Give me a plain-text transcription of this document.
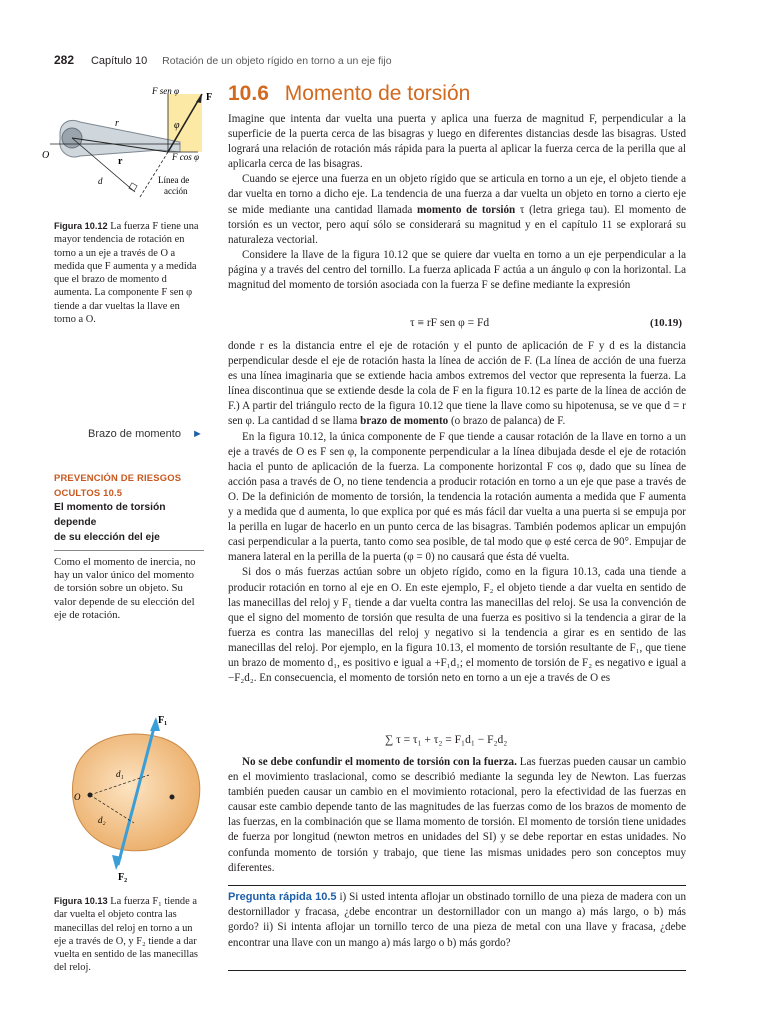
282 Capítulo 10 Rotación de un objeto rígido en torno a un eje fijo
10.6 Momento de torsión
F sen φ
F
r	φ
O	F cos φ
r
d	Línea de
acción
Figura 10.12 La fuerza F tiene una mayor tendencia de rotación en torno a un eje a través de O a medida que F aumenta y a medida que el brazo de momento d aumenta. La componente F sen φ tiende a dar vueltas la llave en torno a O.
Brazo de momento ►
PREVENCIÓN DE RIESGOS
OCULTOS 10.5
El momento de torsión depende
de su elección del eje
Como el momento de inercia, no hay un valor único del momento de torsión sobre un objeto. Su valor depende de su elección del eje de rotación.
F₁
F₂
d₁
d₂
O
Figura 10.13 La fuerza F₁ tiende a dar vuelta el objeto contra las manecillas del reloj en torno a un eje a través de O, y F₂ tiende a dar vuelta en sentido de las manecillas del reloj.

Imagine que intenta dar vuelta una puerta y aplica una fuerza de magnitud F, perpendicular a la superficie de la puerta cerca de las bisagras y luego en diferentes distancias desde las bisagras. Usted logrará una relación de rotación más rápida para la puerta al aplicar la fuerza cerca de la perilla que al aplicarla cerca de las bisagras.

Cuando se ejerce una fuerza en un objeto rígido que se articula en torno a un eje, el objeto tiende a dar vuelta en torno a dicho eje. La tendencia de una fuerza a dar vuelta un objeto en torno a cierto eje se mide mediante una cantidad llamada momento de torsión τ (letra griega tau). El momento de torsión es un vector, pero aquí sólo se considerará su magnitud y en el capítulo 11 se explorará su naturaleza vectorial.

Considere la llave de la figura 10.12 que se quiere dar vuelta en torno a un eje perpendicular a la página y a través del centro del tornillo. La fuerza aplicada F actúa a un ángulo φ con la horizontal. La magnitud del momento de torsión asociada con la fuerza F se define mediante la expresión

τ ≡ rF sen φ = Fd	(10.19)

donde r es la distancia entre el eje de rotación y el punto de aplicación de F y d es la distancia perpendicular desde el eje de rotación hasta la línea de acción de F. (La línea de acción de una fuerza es una línea imaginaria que se extiende hacia ambos extremos del vector que representa la fuerza. La línea discontinua que se extiende desde la cola de F en la figura 10.12 es parte de la línea de acción de F.) A partir del triángulo recto de la figura 10.12 que tiene la llave como su hipotenusa, se ve que d = r sen φ. La cantidad d se llama brazo de momento (o brazo de palanca) de F.

En la figura 10.12, la única componente de F que tiende a causar rotación de la llave en torno a un eje a través de O es F sen φ, la componente perpendicular a la línea dibujada desde el eje de rotación hacia el punto de aplicación de la fuerza. La componente horizontal F cos φ, dado que su línea de acción pasa a través de O, no tiene tendencia a producir rotación en torno a un eje que pase a través de O. De la definición de momento de torsión, la tendencia la rotación aumenta a medida que F aumenta y a medida que d aumenta, lo que explica por qué es más fácil dar vuelta a una puerta si se empuja por la perilla en lugar de hacerlo en un punto cerca de las bisagras. También podemos aplicar un empujón casi perpendicular a la puerta, tanto como sea posible, de tal modo que φ esté cerca de 90°. Empujar de manera lateral en la perilla de la puerta (φ = 0) no causará que ésta dé vuelta.

Si dos o más fuerzas actúan sobre un objeto rígido, como en la figura 10.13, cada una tiende a producir rotación en torno al eje en O. En este ejemplo, F₂ el objeto tiende a dar vuelta en sentido de las manecillas del reloj y F₁ tiende a dar vuelta contra las manecillas del reloj. Se usa la convención de que el signo del momento de torsión que resulta de una fuerza es positivo si la tendencia a girar de la fuerza es contra las manecillas del reloj y negativo si la tendencia a girar es en sentido de las manecillas del reloj. Por ejemplo, en la figura 10.13, el momento de torsión resultante de F₁, que tiene un brazo de momento d₁, es positivo e igual a +F₁d₁; el momento de torsión de F₂ es negativo e igual a −F₂d₂. En consecuencia, el momento de torsión neto en torno a un eje a través de O es

∑ τ = τ₁ + τ₂ = F₁d₁ − F₂d₂

No se debe confundir el momento de torsión con la fuerza. Las fuerzas pueden causar un cambio en el movimiento traslacional, como se describió mediante la segunda ley de Newton. Las fuerzas también pueden causar un cambio en el movimiento rotacional, pero la efectividad de las fuerzas en causar este cambio depende tanto de las magnitudes de las fuerzas como de los brazos de momento de las fuerzas, en la combinación que se llama momento de torsión. El momento de torsión tiene unidades de fuerza por longitud (newton metros en unidades del SI) y se debe reportar en estas unidades. No confunda momento de torsión y trabajo, que tiene las mismas unidades pero son conceptos muy diferentes.

Pregunta rápida 10.5 i) Si usted intenta aflojar un obstinado tornillo de una pieza de madera con un destornillador y fracasa, ¿debe encontrar un destornillador con un mango a) más largo, o b) más gordo? ii) Si intenta aflojar un tornillo terco de una pieza de metal con una llave y fracasa, ¿debe encontrar una llave con un mango a) más largo o b) más gordo?
